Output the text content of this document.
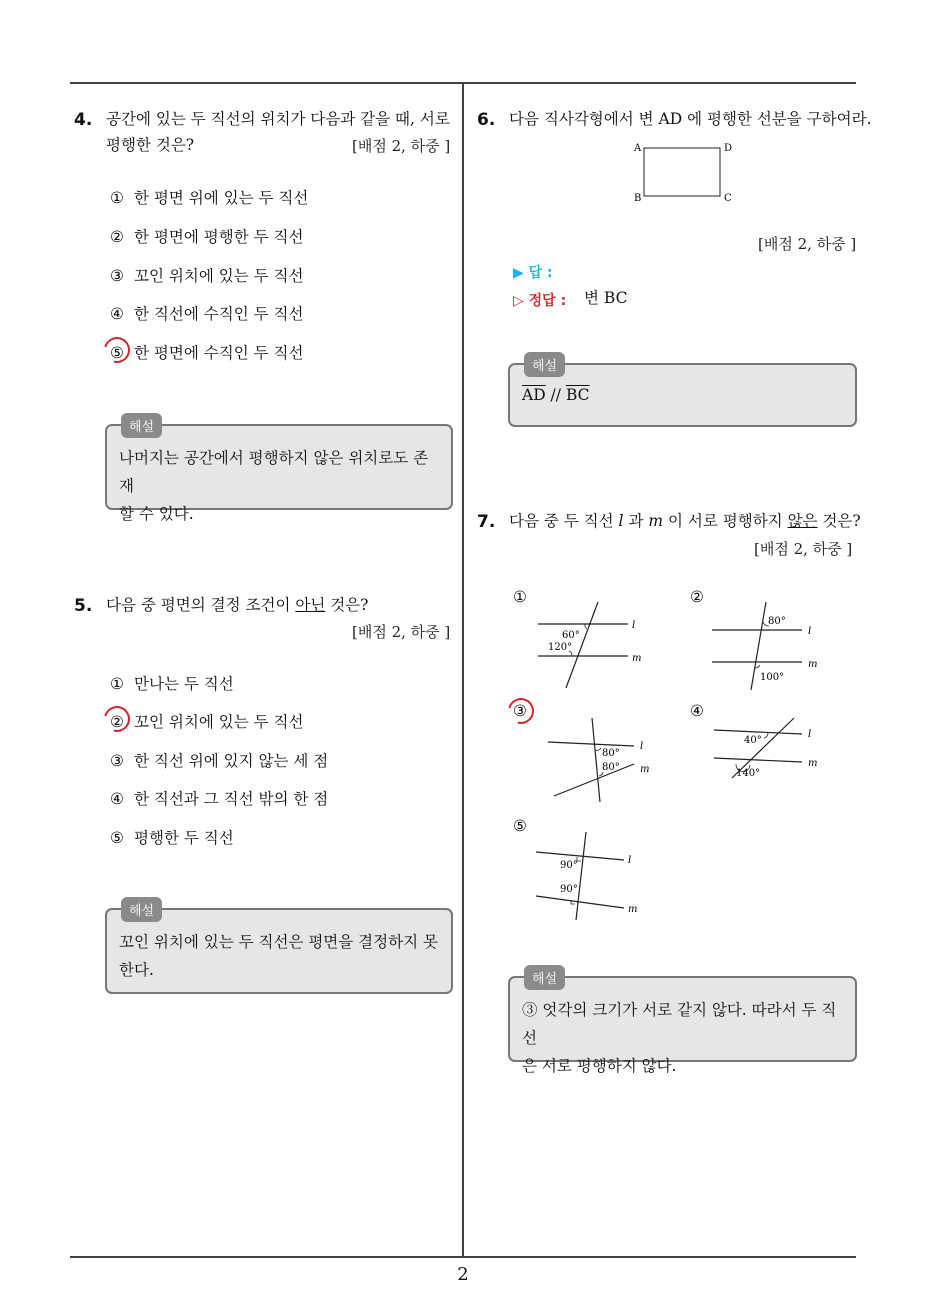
4. 공간에 있는 두 직선의 위치가 다음과 같을 때, 서로
평행한 것은?	[배점 2, 하중 ]
① 한 평면 위에 있는 두 직선
② 한 평면에 평행한 두 직선
③ 꼬인 위치에 있는 두 직선
④ 한 직선에 수직인 두 직선
⑤ 한 평면에 수직인 두 직선
해설
나머지는 공간에서 평행하지 않은 위치로도 존재
할 수 있다.
5. 다음 중 평면의 결정 조건이 아닌 것은?
[배점 2, 하중 ]
① 만나는 두 직선
② 꼬인 위치에 있는 두 직선
③ 한 직선 위에 있지 않는 세 점
④ 한 직선과 그 직선 밖의 한 점
⑤ 평행한 두 직선
해설
꼬인 위치에 있는 두 직선은 평면을 결정하지 못
한다.
6. 다음 직사각형에서 변 AD 에 평행한 선분을 구하여라.
A	D
B	C
[배점 2, 하중 ]
▶ 답 :
▷ 정답 : 변 BC
해설
$\overline{AD} // \overline{BC}$
7. 다음 중 두 직선 l 과 m 이 서로 평행하지 않은 것은?
[배점 2, 하중 ]
①	②
③	④
⑤
60°
120°
l
m
80°
100°
l
m
80°
80°
l
m
40°
140°
l
m
90°
90°
l
m
해설
③ 엇각의 크기가 서로 같지 않다. 따라서 두 직선
은 서로 평행하지 않다.
2
